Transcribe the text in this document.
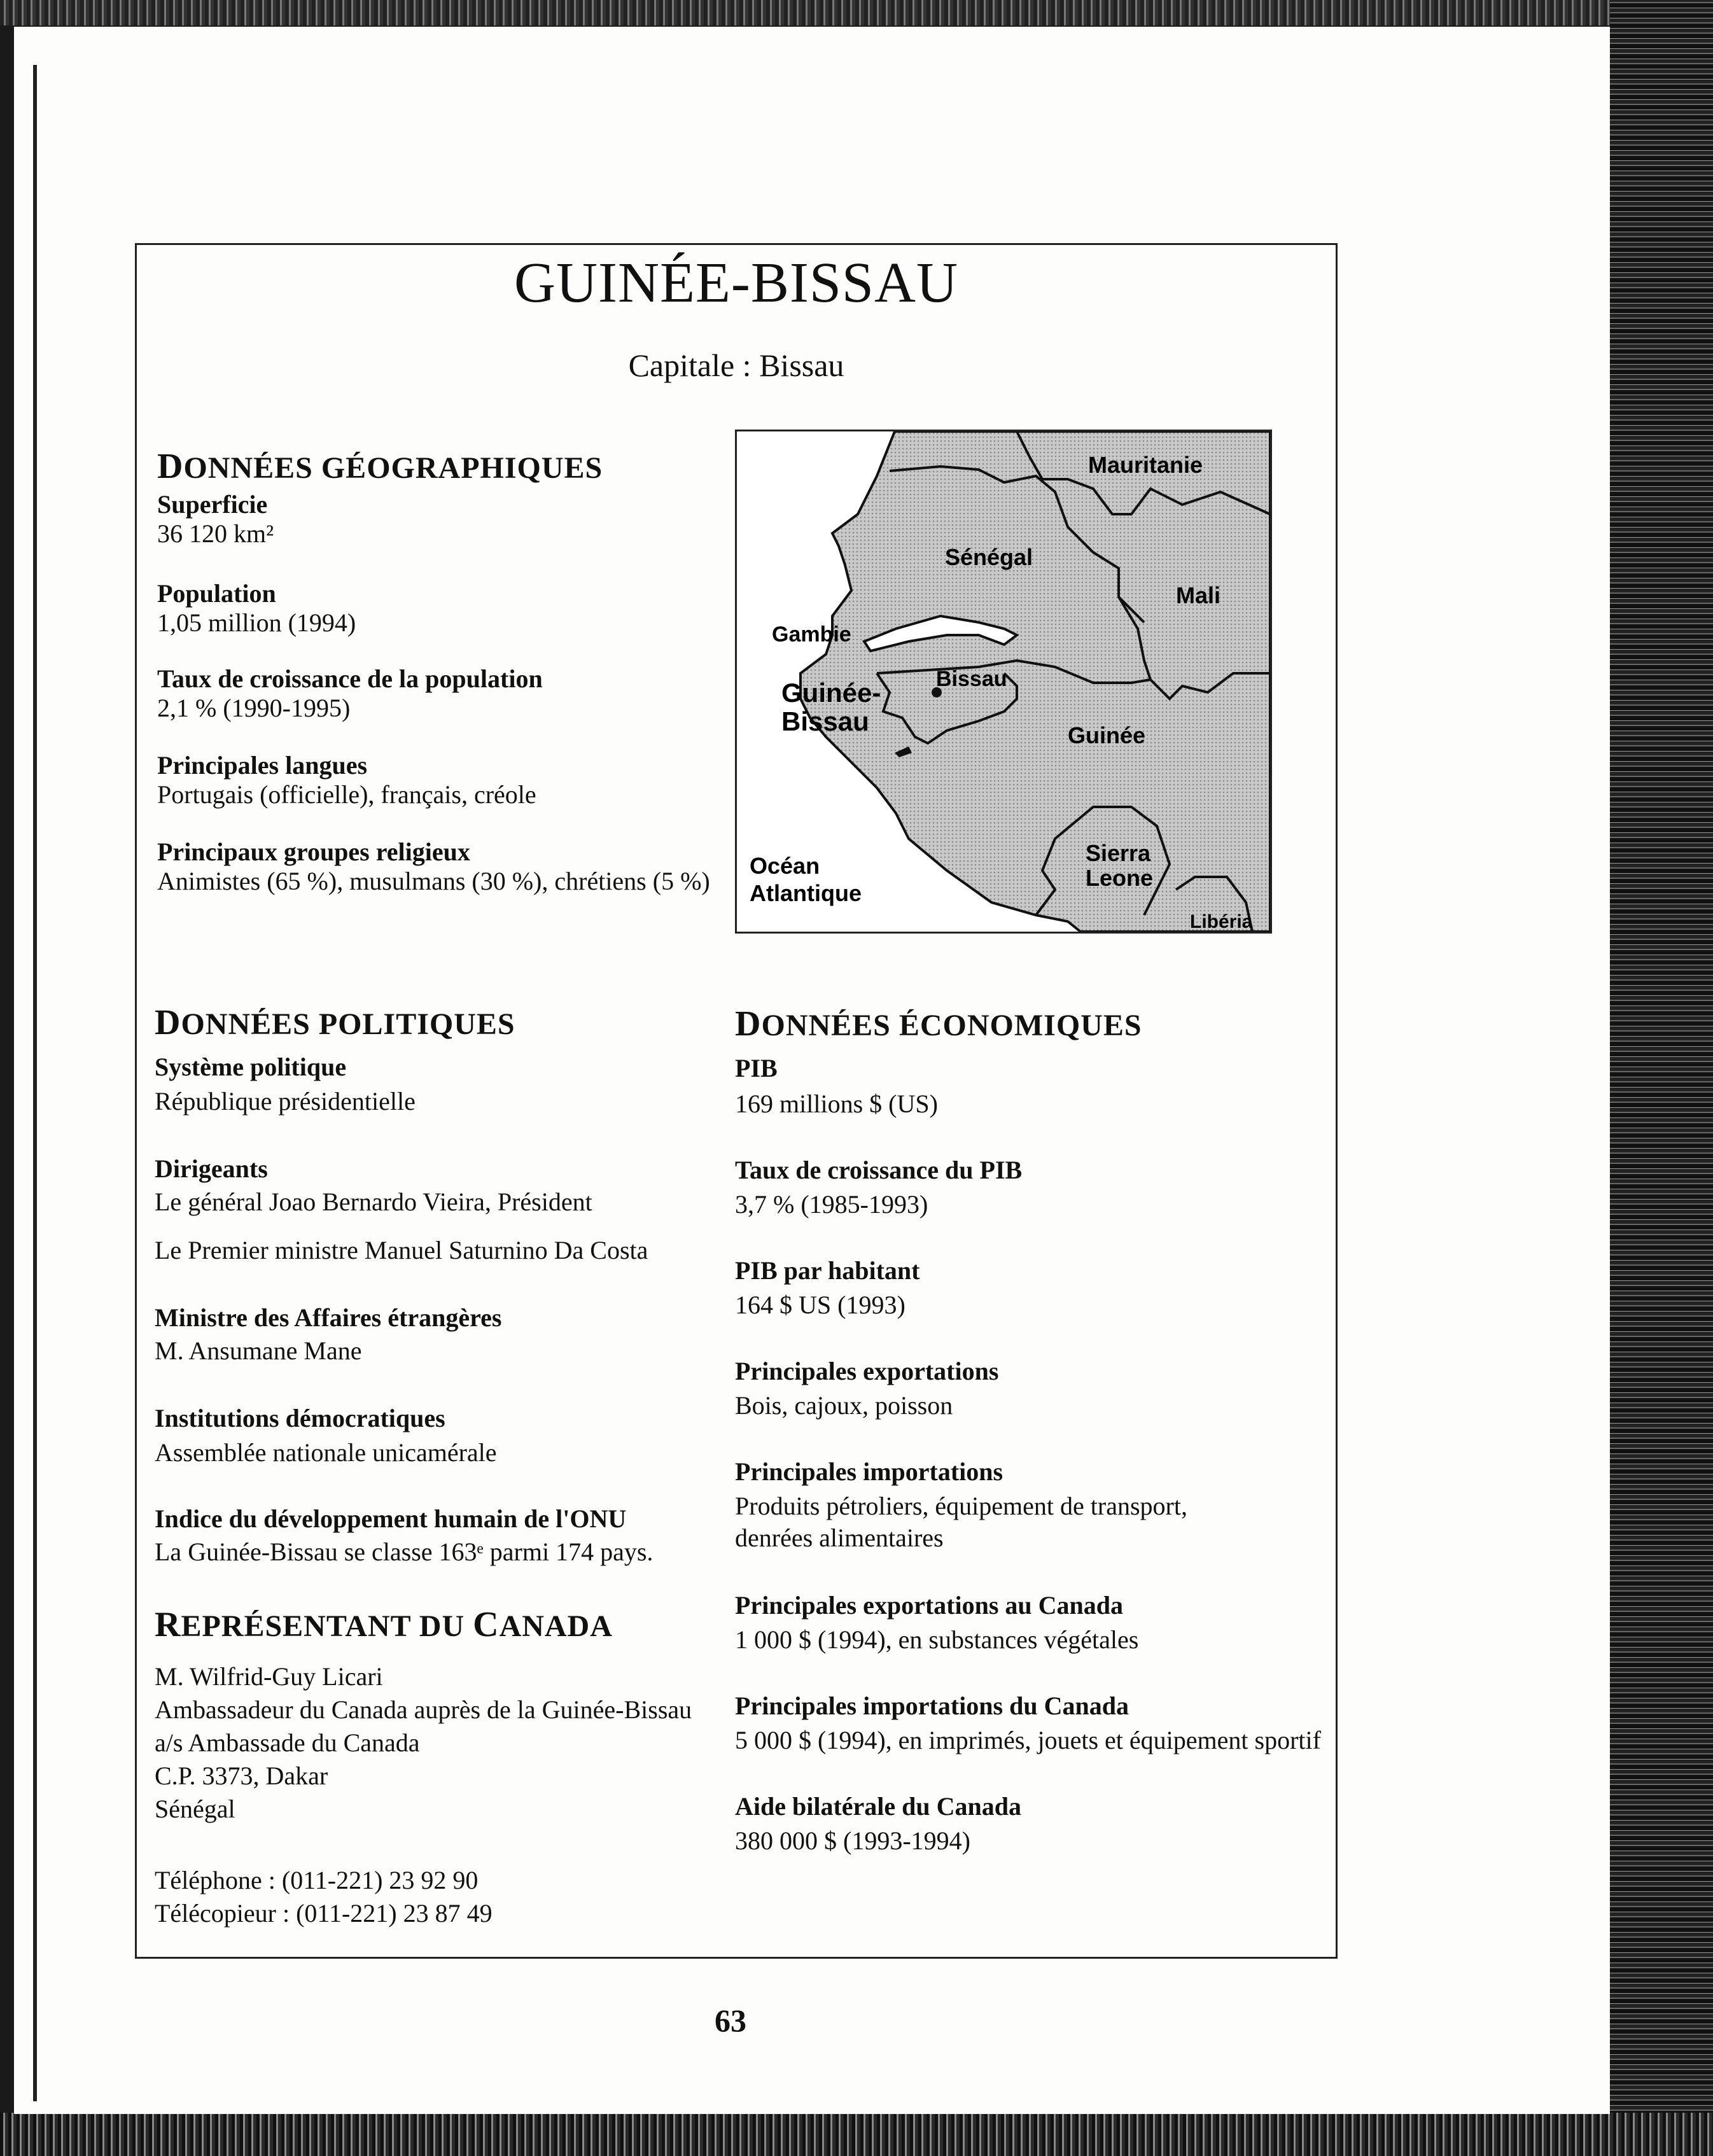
GUINÉE-BISSAU
Capitale : Bissau
DONNÉES GÉOGRAPHIQUES
Superficie
36 120 km²
Population
1,05 million (1994)
Taux de croissance de la population
2,1 % (1990-1995)
Principales langues
Portugais (officielle), français, créole
Principaux groupes religieux
Animistes (65 %), musulmans (30 %), chrétiens (5 %)
Mauritanie
Sénégal
Mali
Gambie
Bissau
Guinée-
Bissau	Guinée
Sierra
Leone
Océan
Atlantique
Libéria
DONNÉES POLITIQUES
Système politique
République présidentielle
Dirigeants
Le général Joao Bernardo Vieira, Président
Le Premier ministre Manuel Saturnino Da Costa
Ministre des Affaires étrangères
M. Ansumane Mane
Institutions démocratiques
Assemblée nationale unicamérale
Indice du développement humain de l'ONU
La Guinée-Bissau se classe 163ᵉ parmi 174 pays.
REPRÉSENTANT DU CANADA
M. Wilfrid-Guy Licari
Ambassadeur du Canada auprès de la Guinée-Bissau
a/s Ambassade du Canada
C.P. 3373, Dakar
Sénégal
Téléphone : (011-221) 23 92 90
Télécopieur : (011-221) 23 87 49
DONNÉES ÉCONOMIQUES
PIB
169 millions $ (US)
Taux de croissance du PIB
3,7 % (1985-1993)
PIB par habitant
164 $ US (1993)
Principales exportations
Bois, cajoux, poisson
Principales importations
Produits pétroliers, équipement de transport,
denrées alimentaires
Principales exportations au Canada
1 000 $ (1994), en substances végétales
Principales importations du Canada
5 000 $ (1994), en imprimés, jouets et équipement sportif
Aide bilatérale du Canada
380 000 $ (1993-1994)
63
